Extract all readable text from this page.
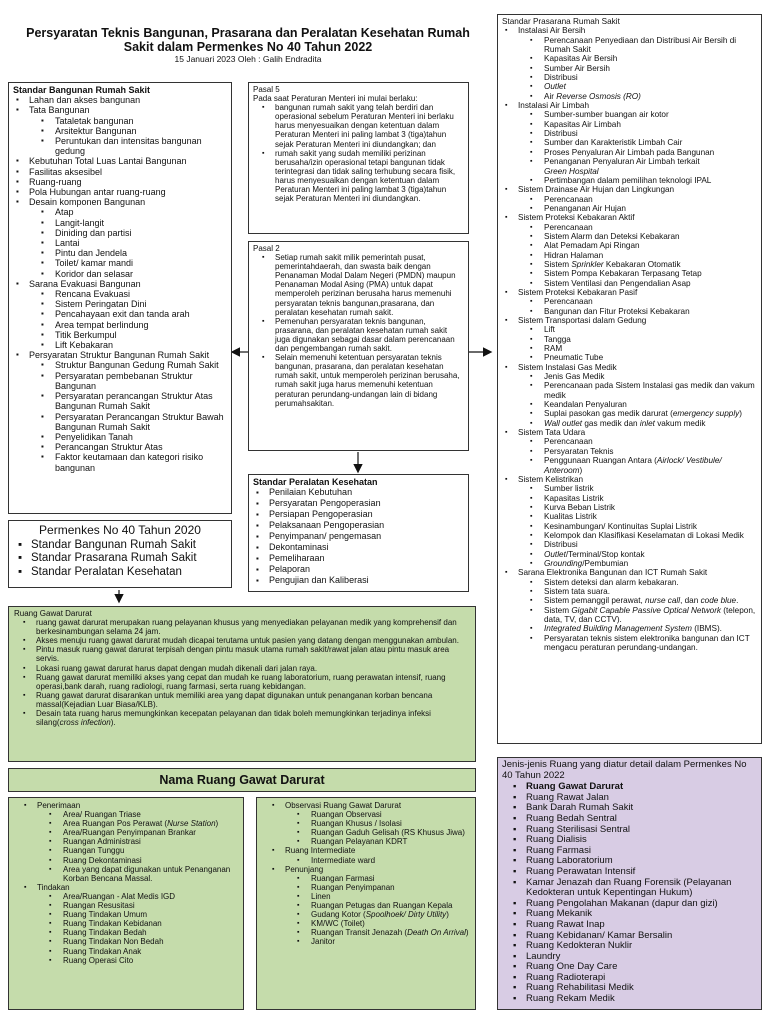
Persyaratan Teknis Bangunan, Prasarana dan Peralatan Kesehatan Rumah
Sakit dalam Permenkes No 40 Tahun 2022
15 Januari 2023 Oleh : Galih Endradita
Standar Bangunan Rumah Sakit
▪ Lahan dan akses bangunan
▪ Tata Bangunan
▪ Tataletak bangunan
▪ Arsitektur Bangunan
▪ Peruntukan dan intensitas bangunan gedung
▪ Kebutuhan Total Luas Lantai Bangunan
▪ Fasilitas aksesibel
▪ Ruang-ruang
▪ Pola Hubungan antar ruang-ruang
▪ Desain komponen Bangunan
▪ Atap
▪ Langit-langit
▪ Diniding dan partisi
▪ Lantai
▪ Pintu dan Jendela
▪ Toilet/ kamar mandi
▪ Koridor dan selasar
▪ Sarana Evakuasi Bangunan
▪ Rencana Evakuasi
▪ Sistem Peringatan Dini
▪ Pencahayaan exit dan tanda arah
▪ Area tempat berlindung
▪ Titik Berkumpul
▪ Lift Kebakaran
▪ Persyaratan Struktur Bangunan Rumah Sakit
▪ Struktur Bangunan Gedung Rumah Sakit
▪ Persyaratan pembebanan Struktur Bangunan
▪ Persyaratan perancangan Struktur Atas Bangunan Rumah Sakit
▪ Persyaratan Perancangan Struktur Bawah Bangunan Rumah Sakit
▪ Penyelidikan Tanah
▪ Perancangan Struktur Atas
▪ Faktor keutamaan dan kategori risiko bangunan
Pasal 5
Pada saat Peraturan Menteri ini mulai berlaku:
▪ bangunan rumah sakit yang telah berdiri dan operasional sebelum Peraturan Menteri ini berlaku harus menyesuaikan dengan ketentuan dalam Peraturan Menteri ini paling lambat 3 (tiga)tahun sejak Peraturan Menteri ini diundangkan; dan
▪ rumah sakit yang sudah memiliki perizinan berusaha/izin operasional tetapi bangunan tidak terintegrasi dan tidak saling terhubung secara fisik, harus menyesuaikan dengan ketentuan dalam Peraturan Menteri ini paling lambat 3 (tiga)tahun sejak Peraturan Menteri ini diundangkan.
Pasal 2
▪ Setiap rumah sakit milik pemerintah pusat, pemerintahdaerah, dan swasta baik dengan Penanaman Modal Dalam Negeri (PMDN) maupun Penanaman Modal Asing (PMA) untuk dapat memperoleh perizinan berusaha harus memenuhi persyaratan teknis bangunan,prasarana, dan peralatan kesehatan rumah sakit.
▪ Pemenuhan persyaratan teknis bangunan, prasarana, dan peralatan kesehatan rumah sakit juga digunakan sebagai dasar dalam perencanaan dan pengembangan rumah sakit.
▪ Selain memenuhi ketentuan persyaratan teknis bangunan, prasarana, dan peralatan kesehatan rumah sakit, untuk memperoleh perizinan berusaha, rumah sakit juga harus memenuhi ketentuan peraturan perundang-undangan lain di bidang perumahsakitan.
Standar Peralatan Kesehatan
▪ Penilaian Kebutuhan
▪ Persyaratan Pengoperasian
▪ Persiapan Pengoperasian
▪ Pelaksanaan Pengoperasian
▪ Penyimpanan/ pengemasan
▪ Dekontaminasi
▪ Pemeliharaan
▪ Pelaporan
▪ Pengujian dan Kaliberasi
Permenkes No 40 Tahun 2020
▪ Standar Bangunan Rumah Sakit
▪ Standar Prasarana Rumah Sakit
▪ Standar Peralatan Kesehatan
Standar Prasarana Rumah Sakit
▪ Instalasi Air Bersih
▪ Perencanaan Penyediaan dan Distribusi Air Bersih di Rumah Sakit
▪ Kapasitas Air Bersih
▪ Sumber Air Bersih
▪ Distribusi
▪ Outlet
▪ Air Reverse Osmosis (RO)
▪ Instalasi Air Limbah
▪ Sumber-sumber buangan air kotor
▪ Kapasitas Air Limbah
▪ Distribusi
▪ Sumber dan Karakteristik Limbah Cair
▪ Proses Penyaluran Air Limbah pada Bangunan
▪ Penanganan Penyaluran Air Limbah terkait
Green Hospital
▪ Pertimbangan dalam pemilihan teknologi IPAL
▪ Sistem Drainase Air Hujan dan Lingkungan
▪ Perencanaan
▪ Penanganan Air Hujan
▪ Sistem Proteksi Kebakaran Aktif
▪ Perencanaan
▪ Sistem Alarm dan Deteksi Kebakaran
▪ Alat Pemadam Api Ringan
▪ Hidran Halaman
▪ Sistem Sprinkler Kebakaran Otomatik
▪ Sistem Pompa Kebakaran Terpasang Tetap
▪ Sistem Ventilasi dan Pengendalian Asap
▪ Sistem Proteksi Kebakaran Pasif
▪ Perencanaan
▪ Bangunan dan Fitur Proteksi Kebakaran
▪ Sistem Transportasi dalam Gedung
▪ Lift
▪ Tangga
▪ RAM
▪ Pneumatic Tube
▪ Sistem Instalasi Gas Medik
▪ Jenis Gas Medik
▪ Perencanaan pada Sistem Instalasi gas medik dan vakum medik
▪ Keandalan Penyaluran
▪ Suplai pasokan gas medik darurat (emergency supply)
▪ Wall outlet gas medik dan inlet vakum medik
▪ Sistem Tata Udara
▪ Perencanaan
▪ Persyaratan Teknis
▪ Penggunaan Ruangan Antara (Airlock/ Vestibule/ Anteroom)
▪ Sistem Kelistrikan
▪ Sumber listrik
▪ Kapasitas Listrik
▪ Kurva Beban Listrik
▪ Kualitas Listrik
▪ Kesinambungan/ Kontinuitas Suplai Listrik
▪ Kelompok dan Klasifikasi Keselamatan di Lokasi Medik
▪ Distribusi
▪ Outlet/Terminal/Stop kontak
▪ Grounding/Pembumian
▪ Sarana Elektronika Bangunan dan ICT Rumah Sakit
▪ Sistem deteksi dan alarm kebakaran.
▪ Sistem tata suara.
▪ Sistem pemanggil perawat, nurse call, dan code blue.
▪ Sistem Gigabit Capable Passive Optical Network (telepon, data, TV, dan CCTV).
▪ Integrated Building Management System (IBMS).
▪ Persyaratan teknis sistem elektronika bangunan dan ICT mengacu peraturan perundang-undangan.
Ruang Gawat Darurat
▪ ruang gawat darurat merupakan ruang pelayanan khusus yang menyediakan pelayanan medik yang komprehensif dan berkesinambungan selama 24 jam.
▪ Akses menuju ruang gawat darurat mudah dicapai terutama untuk pasien yang datang dengan menggunakan ambulan.
▪ Pintu masuk ruang gawat darurat terpisah dengan pintu masuk utama rumah sakit/rawat jalan atau pintu masuk area servis.
▪ Lokasi ruang gawat darurat harus dapat dengan mudah dikenali dari jalan raya.
▪ Ruang gawat darurat memiliki akses yang cepat dan mudah ke ruang laboratorium, ruang perawatan intensif, ruang operasi,bank darah, ruang radiologi, ruang farmasi, serta ruang kebidangan.
▪ Ruang gawat darurat disarankan untuk memiliki area yang dapat digunakan untuk penanganan korban bencana massal(Kejadian Luar Biasa/KLB).
▪ Desain tata ruang harus memungkinkan kecepatan pelayanan dan tidak boleh memungkinkan terjadinya infeksi silang(cross infection).
Nama Ruang Gawat Darurat
▪ Penerimaan
▪ Area/ Ruangan Triase
▪ Area Ruangan Pos Perawat (Nurse Station)
▪ Area/Ruangan Penyimpanan Brankar
▪ Ruangan Administrasi
▪ Ruangan Tunggu
▪ Ruang Dekontaminasi
▪ Area yang dapat digunakan untuk Penanganan Korban Bencana Massal.
▪ Tindakan
▪ Area/Ruangan - Alat Medis IGD
▪ Ruangan Resusitasi
▪ Ruang Tindakan Umum
▪ Ruang Tindakan Kebidanan
▪ Ruang Tindakan Bedah
▪ Ruang Tindakan Non Bedah
▪ Ruang Tindakan Anak
▪ Ruang Operasi Cito
▪ Observasi Ruang Gawat Darurat
▪ Ruangan Observasi
▪ Ruangan Khusus / Isolasi
▪ Ruangan Gaduh Gelisah (RS Khusus Jiwa)
▪ Ruangan Pelayanan KDRT
▪ Ruang Intermediate
▪ Intermediate ward
▪ Penunjang
▪ Ruangan Farmasi
▪ Ruangan Penyimpanan
▪ Linen
▪ Ruangan Petugas dan Ruangan Kepala
▪ Gudang Kotor (Spoolhoek/ Dirty Utility)
▪ KM/WC (Toilet)
▪ Ruangan Transit Jenazah (Death On Arrival)
▪ Janitor
Jenis-jenis Ruang yang diatur detail dalam Permenkes No 40 Tahun 2022
▪ Ruang Gawat Darurat
▪ Ruang Rawat Jalan
▪ Bank Darah Rumah Sakit
▪ Ruang Bedah Sentral
▪ Ruang Sterilisasi Sentral
▪ Ruang Dialisis
▪ Ruang Farmasi
▪ Ruang Laboratorium
▪ Ruang Perawatan Intensif
▪ Kamar Jenazah dan Ruang Forensik (Pelayanan Kedokteran untuk Kepentingan Hukum)
▪ Ruang Pengolahan Makanan (dapur dan gizi)
▪ Ruang Mekanik
▪ Ruang Rawat Inap
▪ Ruang Kebidanan/ Kamar Bersalin
▪ Ruang Kedokteran Nuklir
▪ Laundry
▪ Ruang One Day Care
▪ Ruang Radioterapi
▪ Ruang Rehabilitasi Medik
▪ Ruang Rekam Medik
